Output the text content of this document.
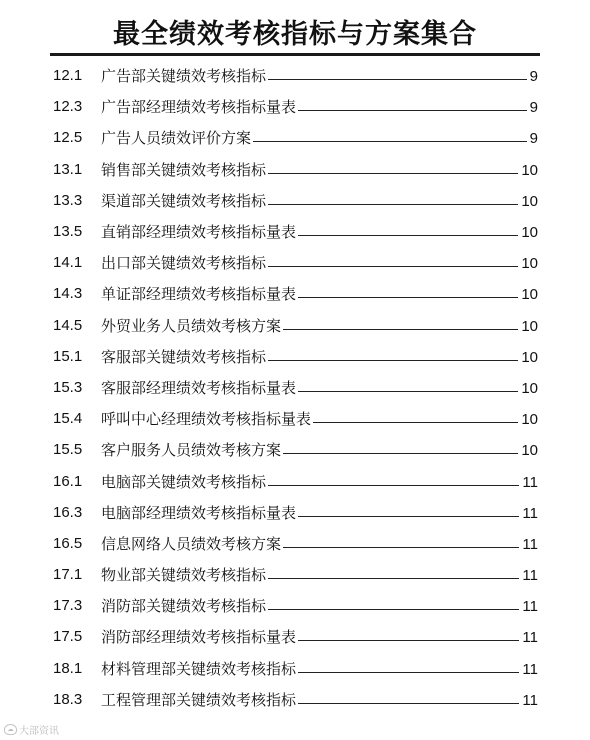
最全绩效考核指标与方案集合
12.1	广告部关键绩效考核指标	9
12.3	广告部经理绩效考核指标量表	9
12.5	广告人员绩效评价方案	9
13.1	销售部关键绩效考核指标	10
13.3	渠道部关键绩效考核指标	10
13.5	直销部经理绩效考核指标量表	10
14.1	出口部关键绩效考核指标	10
14.3	单证部经理绩效考核指标量表	10
14.5	外贸业务人员绩效考核方案	10
15.1	客服部关键绩效考核指标	10
15.3	客服部经理绩效考核指标量表	10
15.4	呼叫中心经理绩效考核指标量表	10
15.5	客户服务人员绩效考核方案	10
16.1	电脑部关键绩效考核指标	11
16.3	电脑部经理绩效考核指标量表	11
16.5	信息网络人员绩效考核方案	11
17.1	物业部关键绩效考核指标	11
17.3	消防部关键绩效考核指标	11
17.5	消防部经理绩效考核指标量表	11
18.1	材料管理部关键绩效考核指标	11
18.3	工程管理部关键绩效考核指标	11
☁ 大部资讯
